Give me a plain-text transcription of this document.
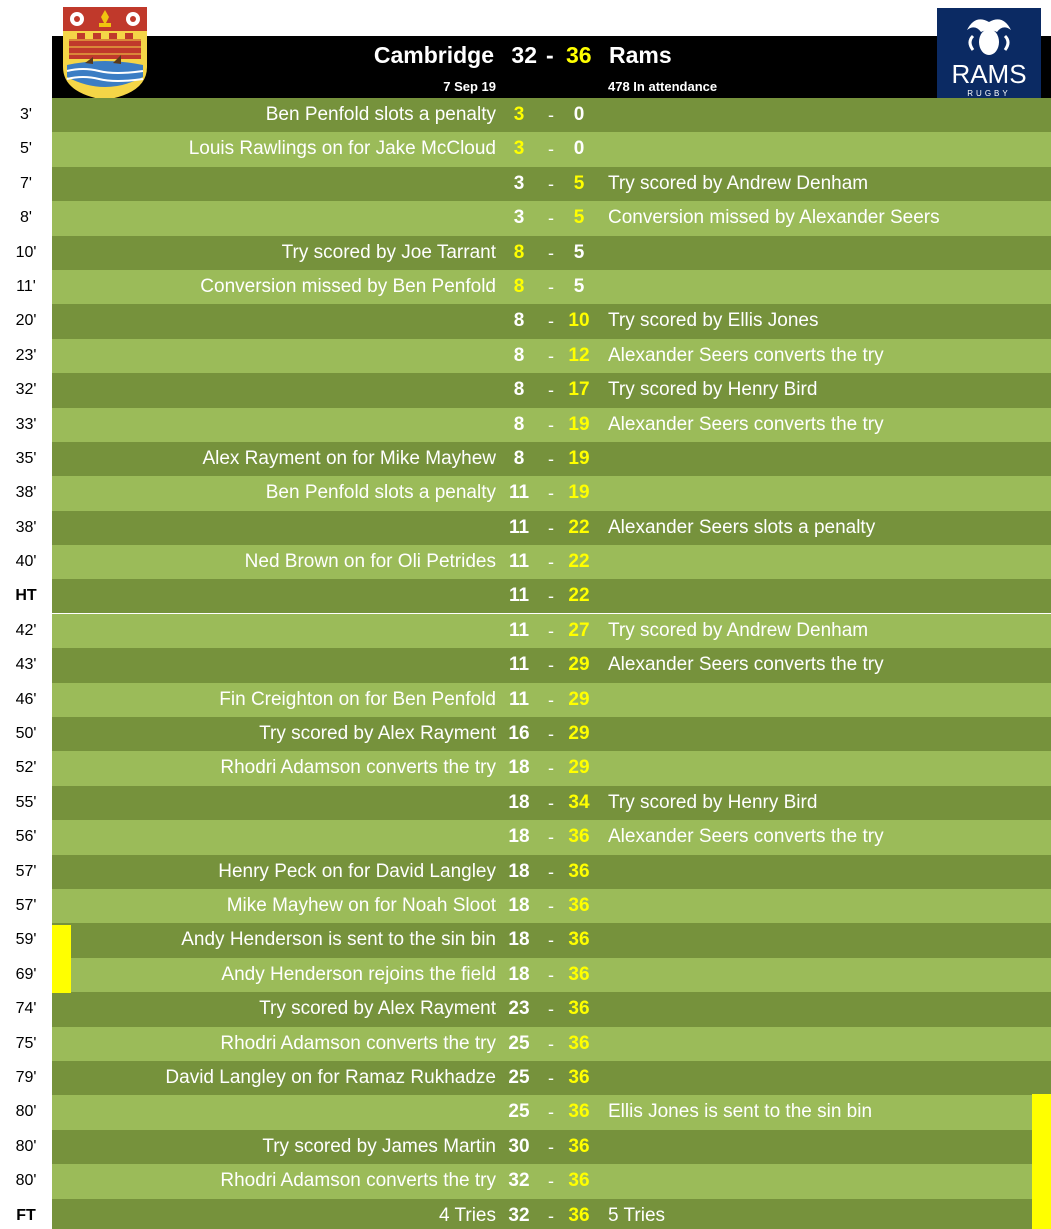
Cambridge 32 - 36 Rams
7 Sep 19	478 In attendance	RAMS
RUGBY
3'	Ben Penfold slots a penalty 3	-	0
5'	Louis Rawlings on for Jake McCloud 3	-	0
7'	3	-	5	Try scored by Andrew Denham
8'	3	-	5	Conversion missed by Alexander Seers
10'	Try scored by Joe Tarrant 8	-	5
11'	Conversion missed by Ben Penfold 8	-	5
20'	8	- 10 Try scored by Ellis Jones
23'	8	- 12 Alexander Seers converts the try
32'	8	- 17 Try scored by Henry Bird
33'	8	- 19 Alexander Seers converts the try
35'	Alex Rayment on for Mike Mayhew 8	- 19
38'	Ben Penfold slots a penalty 11	- 19
38'	11	- 22 Alexander Seers slots a penalty
40'	Ned Brown on for Oli Petrides 11	- 22
HT	11	- 22
42'	11	- 27 Try scored by Andrew Denham
43'	11	- 29 Alexander Seers converts the try
46'	Fin Creighton on for Ben Penfold 11	- 29
50'	Try scored by Alex Rayment 16	- 29
52'	Rhodri Adamson converts the try 18	- 29
55'	18	- 34 Try scored by Henry Bird
56'	18	- 36 Alexander Seers converts the try
57'	Henry Peck on for David Langley 18	- 36
57'	Mike Mayhew on for Noah Sloot 18	- 36
59'	Andy Henderson is sent to the sin bin 18	- 36
69'	Andy Henderson rejoins the field 18	- 36
74'	Try scored by Alex Rayment 23	- 36
75'	Rhodri Adamson converts the try 25	- 36
79'	David Langley on for Ramaz Rukhadze 25	- 36
80'	25	- 36 Ellis Jones is sent to the sin bin
80'	Try scored by James Martin 30	- 36
80'	Rhodri Adamson converts the try 32	- 36
FT	4 Tries 32	- 36 5 Tries
